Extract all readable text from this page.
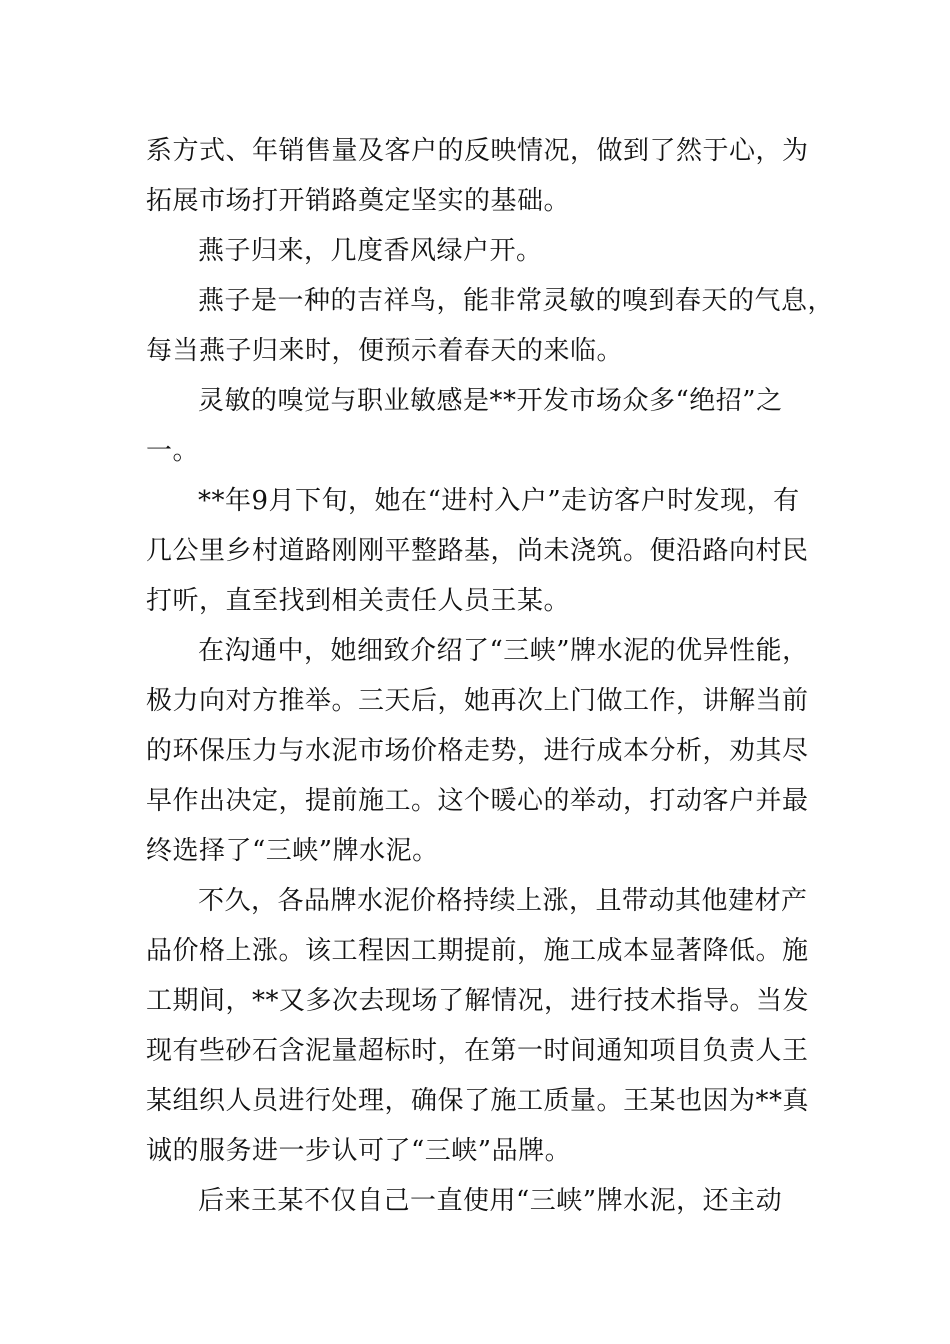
系方式、年销售量及客户的反映情况，做到了然于心，为
拓展市场打开销路奠定坚实的基础。

燕子归来，几度香风绿户开。

燕子是一种的吉祥鸟，能非常灵敏的嗅到春天的气息，
每当燕子归来时，便预示着春天的来临。

灵敏的嗅觉与职业敏感是**开发市场众多“绝招”之
一。

**年9月下旬，她在“进村入户”走访客户时发现，有
几公里乡村道路刚刚平整路基，尚未浇筑。便沿路向村民
打听，直至找到相关责任人员王某。

在沟通中，她细致介绍了“三峡”牌水泥的优异性能，
极力向对方推举。三天后，她再次上门做工作，讲解当前
的环保压力与水泥市场价格走势，进行成本分析，劝其尽
早作出决定，提前施工。这个暖心的举动，打动客户并最
终选择了“三峡”牌水泥。

不久，各品牌水泥价格持续上涨，且带动其他建材产
品价格上涨。该工程因工期提前，施工成本显著降低。施
工期间，**又多次去现场了解情况，进行技术指导。当发
现有些砂石含泥量超标时，在第一时间通知项目负责人王
某组织人员进行处理，确保了施工质量。王某也因为**真
诚的服务进一步认可了“三峡”品牌。

后来王某不仅自己一直使用“三峡”牌水泥，还主动
